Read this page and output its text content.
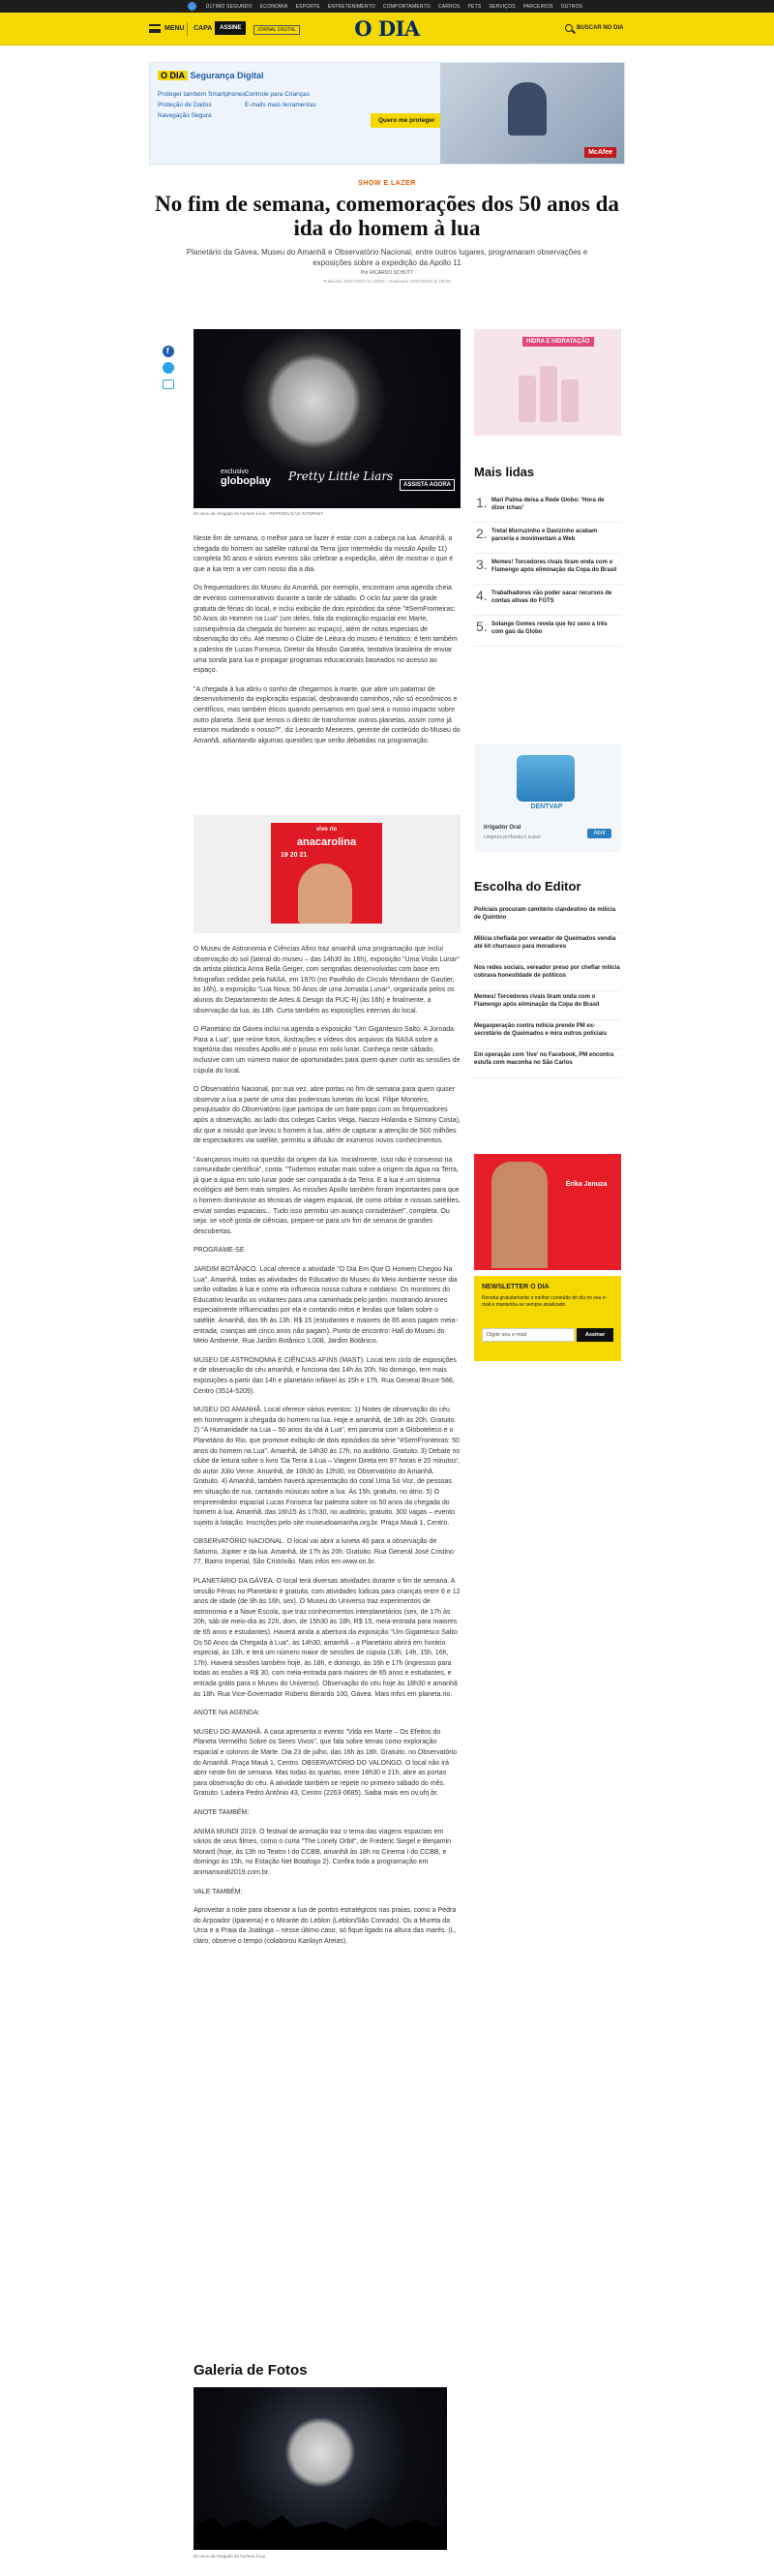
ÚLTIMO SEGUNDO ECONOMIA ESPORTE ENTRETENIMENTO COMPORTAMENTO CARROS PETS SERVIÇOS PARCEIROS OUTROS
MENU CAPA	ASSINE	JORNAL DIGITAL	O DIA	BUSCAR NO DIA
O DIA Segurança Digital
Proteger também Smartphones
Proteção de Dados
Navegação Segura
Controle para Crianças
E-mails mais ferramentas
Quero me proteger
McAfee
SHOW E LAZER
No fim de semana, comemorações dos 50 anos da ida do homem à lua
Planetário da Gávea, Museu do Amanhã e Observatório Nacional, entre outros lugares, programaram observações e exposições sobre a expedição da Apollo 11
Por RICARDO SCHOTT
Publicado 19/07/2019 às 19h00 · Atualizado 19/07/2019 às 19h16
f
exclusivo
globoplay Pretty Little Liars
ASSISTA AGORA
50 anos da chegada do homem à lua · REPRODUÇÃO INTERNET

Neste fim de semana, o melhor para se fazer é estar com a cabeça na lua. Amanhã, a chegada do homem ao satélite natural da Terra (por intermédio da missão Apollo 11) completa 50 anos e vários eventos são celebrar a expedição, além de mostrar o que é que a lua tem a ver com nosso dia a dia.

Os frequentadores do Museu do Amanhã, por exemplo, encontram uma agenda cheia de eventos comemorativos durante a tarde de sábado. O ciclo faz parte da grade gratuita de férias do local, e inclui exibição de dois episódios da série "#SemFronteiras: 50 Anos do Homem na Lua" (um deles, fala da exploração espacial em Marte, consequência da chegada do homem ao espaço), além de notas especiais de observação do céu. Até mesmo o Clube de Leitura do museu é temático: é tem também a palestra de Lucas Fonseca, Diretor da Missão Garatéa, tentativa brasileira de enviar uma sonda para lua e propagar programas educacionais baseados no acesso ao espaço.

"A chegada à lua abriu o sonho de chegarmos à marte, que abre um patamar de desenvolvimento da exploração espacial, desbravando caminhos, não só econômicos e científicos, mas também éticos quando pensamos em qual será o nosso impacto sobre outro planeta. Será que temos o direito de transformar outros planetas, assim como já estamos mudando o nosso?", diz Leonardo Menezes, gerente de conteúdo do Museu do Amanhã, adiantando algumas questões que serão debatidas na programação.

anacarolina
vivo rio
19 20 21

O Museu de Astronomia e Ciências Afins traz amanhã uma programação que inclui observação do sol (lateral do museu – das 14h30 às 16h), exposição "Uma Visão Lunar" da artista plástica Anna Bella Geiger, com serigrafias desenvolvidas com base em fotografias cedidas pela NASA, em 1970 (no Pavilhão do Círculo Meridiano de Gautier, às 16h), a exposição "Lua Nova: 50 Anos de uma Jornada Lunar", organizada pelos os alunos do Departamento de Artes & Design da PUC-Rj (às 16h) e finalmente, a observação da lua, às 18h. Curta também as exposições internas do local.

O Planetário da Gávea inclui na agenda a exposição "Um Gigantesco Salto: A Jornada Para a Lua", que reúne fotos, ilustrações e vídeos dos arquivos da NASA sobre a trajetória das missões Apollo até o pouso em solo lunar. Conheça neste sábado, inclusive com um número maior de oportunidades para quem quiser curtir as sessões de cúpula do local.

O Observatório Nacional, por sua vez, abre portas no fim de semana para quem quiser observar a lua a partir de uma das poderosas lunetas do local. Filipe Monteiro, pesquisador do Observatório (que participa de um bate-papo com os frequentadores após a observação, ao lado dos colegas Carlos Veiga, Nacizo Holanda e Simony Costa), diz que a missão que levou o homem à lua, além de capturar a atenção de 500 milhões de espectadores via satélite, permitiu a difusão de inúmeros novos conhecimentos.

"Avançamos muito na questão da origem da lua. Inicialmente, isso não é consenso na comunidade científica", conta. "Tudemos estudar mais sobre a origem da água na Terra, já que a água em solo lunar pode ser comparada à da Terra. E a lua é um sistema ecológico até bem mais simples. As missões Apollo também foram importantes para que o homem dominasse as técnicas de viagem espacial, de como orbitar e nossas satélites, enviar sondas espaciais... Tudo isso permitiu um avanço considerável", completa. Ou seja: se você gosta de ciências, prepare-se para um fim de semana de grandes descobertas.

PROGRAME-SE

JARDIM BOTÂNICO. Local oferece a atividade "O Dia Em Que O Homem Chegou Na Lua". Amanhã, todas as atividades do Educativo do Museu do Meio Ambiente nesse dia serão voltadas à lua e como ela influencia nossa cultura e cotidiano. Os monitores do Educativo levarão os visitantes para uma caminhada pelo jardim, mostrando árvores especialmente influenciadas por ela e contando mitos e lendas que falam sobre o satélite. Amanhã, das 9h às 13h. R$ 15 (estudantes e maiores de 65 anos pagam meia-entrada; crianças até cinco anos não pagam). Ponto de encontro: Hall do Museu do Meio Ambiente. Rua Jardim Botânico 1.008, Jardim Botânico.

MUSEU DE ASTRONOMIA E CIÊNCIAS AFINS (MAST). Local tem ciclo de exposições e de observação do céu amanhã, e funciona das 14h às 20h. No domingo, tem mais exposições a partir das 14h e planetário inflável às 15h e 17h. Rua General Bruce 586, Centro (3514-5209).

MUSEU DO AMANHÃ. Local oferece vários eventos: 1) Noites de observação do céu em homenagem à chegada do homem na lua. Hoje e amanhã, de 18h às 20h. Gratuito. 2) "A Humanidade na Lua – 50 anos da ida à Lua", em parceria com a Globoteleco e o Planetário do Rio, que promove exibição de dois episódios da série "#SemFronteiras: 50 anos do homem na Lua". Amanhã, de 14h30 às 17h, no auditório. Gratuito. 3) Debate no clube de leitura sobre o livro 'Da Terra à Lua – Viagem Direta em 97 horas e 20 minutos', do autor Júlio Verne. Amanhã, de 10h30 às 12h30, no Observatório do Amanhã. Gratuito. 4) Amanhã, também haverá apresentação do coral Uma Só Voz, de pessoas em situação de rua, cantando músicas sobre a lua. Às 15h, gratuito, no átrio. 5) O empreendedor espacial Lucas Fonseca faz palestra sobre os 50 anos da chegada do homem à lua. Amanhã, das 16h15 às 17h30, no auditório, gratuito. 300 vagas – evento sujeito à lotação. Inscrições pelo site museudoamanha.org.br. Praça Mauá 1, Centro.

OBSERVATÓRIO NACIONAL. O local vai abrir a luneta 46 para a observação de Saturno, Júpiter e da lua. Amanhã, de 17h às 20h. Gratuito. Rua General José Cristino 77, Bairro Imperial, São Cristóvão. Mais infos em www.on.br.

PLANETÁRIO DA GÁVEA. O local terá diversas atividades durante o fim de semana. A sessão Férias no Planetário é gratuita, com atividades lúdicas para crianças entre 6 e 12 anos de idade (de 9h às 16h, sex). O Museu do Universo traz experimentos de astronomia e a Nave Escola, que traz conhecimentos interplanetários (sex, de 17h às 20h, sáb de meio-dia às 22h, dom, de 15h30 às 18h, R$ 15, meia-entrada para maiores de 65 anos e estudantes). Haverá ainda a abertura da exposição "Um Gigantesco Salto: Os 50 Anos da Chegada à Lua", às 14h30, amanhã – a Planetário abrirá em horário especial, às 13h, e terá um número maior de sessões de cúpula (13h, 14h, 15h, 16h, 17h). Haverá sessões também hoje, às 18h, e domingo, às 16h e 17h (ingressos para todas as essões a R$ 30, com meia-entrada para maiores de 65 anos e estudantes, e entrada grátis para o Museu do Universo). Observação do céu hoje às 18h30 e amanhã às 18h. Rua Vice-Governador Rúbens Berardo 100, Gávea. Mais infos em planeta.rio.

ANOTE NA AGENDA:

MUSEU DO AMANHÃ. A casa apresenta o evento "Vida em Marte – Os Efeitos do Planeta Vermelho Sobre os Seres Vivos", que fala sobre temas como exploração espacial e colonos de Marte. Dia 23 de julho, das 16h às 18h. Gratuito, no Observatório do Amanhã. Praça Mauá 1, Centro. OBSERVATÓRIO DO VALONGO. O local não irá abrir neste fim de semana. Mas todas às quartas, entre 18h30 e 21h, abre as portas para observação do céu. A atividade também se repete no primeiro sábado do mês. Gratuito. Ladeira Pedro Antônio 43, Centro (2263-0685). Saiba mais em ov.ufrj.br.

ANOTE TAMBÉM:

ANIMA MUNDI 2019. O festival de animação traz o tema das viagens espaciais em vários de seus filmes, como o curta "The Lonely Orbit", de Frederic Siegel e Benjamin Morard (hoje, às 13h no Teatro I do CCBB, amanhã às 18h no Cinema I do CCBB, e domingo às 15h, no Estação Net Botafogo 2). Confira toda a programação em animamundi2019.com.br.

VALE TAMBÉM:

Aproveitar a noite para observar a lua de pontos estratégicos nas praias, como a Pedra do Arpoador (Ipanema) e o Mirante do Leblon (Leblon/São Conrado). Ou a Mureta da Urca e a Praia da Joatinga – nesse último caso, só fique ligado na altura das marés. (L, claro, observe o tempo (colaborou Karilayn Areias).

HIDRA E HIDRATAÇÃO
Mais lidas
1. Mari Palma deixa a Rede Globo: 'Hora de dizer tchau'
2. Tretal Murruzinho e Davizinho acabam parceria e movimentam a Web
3. Memes! Torcedores rivais tiram onda com o Flamengo após eliminação da Copa do Brasil
4. Trabalhadores vão poder sacar recursos de contas ativas do FGTS
5. Solange Gomes revela que fez sexo a três com gaú da Globo
DENTVAP
Irrigador Oral
Limpeza profunda e suave
Abrir
Escolha do Editor
Policiais procuram cemitério clandestino de milícia de Quintino
Milícia chefiada por vereador de Queimados vendia até kit churrasco para moradores
Nos redes sociais, vereador preso por chefiar milícia cobrava honestidade de políticos
Memes! Torcedores rivais tiram onda com o Flamengo após eliminação da Copa do Brasil
Megaoperação contra milícia prende PM ex-secretário de Queimados e mira outros policiais
Em operação com 'live' no Facebook, PM encontra estufa com maconha no São Carlos
Érika Januza
NEWSLETTER O DIA
Receba gratuitamente o melhor conteúdo do dia no seu e-mail e mantenha-se sempre atualizado.
Digite seu e-mail	Assinar
Galeria de Fotos
50 anos da chegada do homem à lua
